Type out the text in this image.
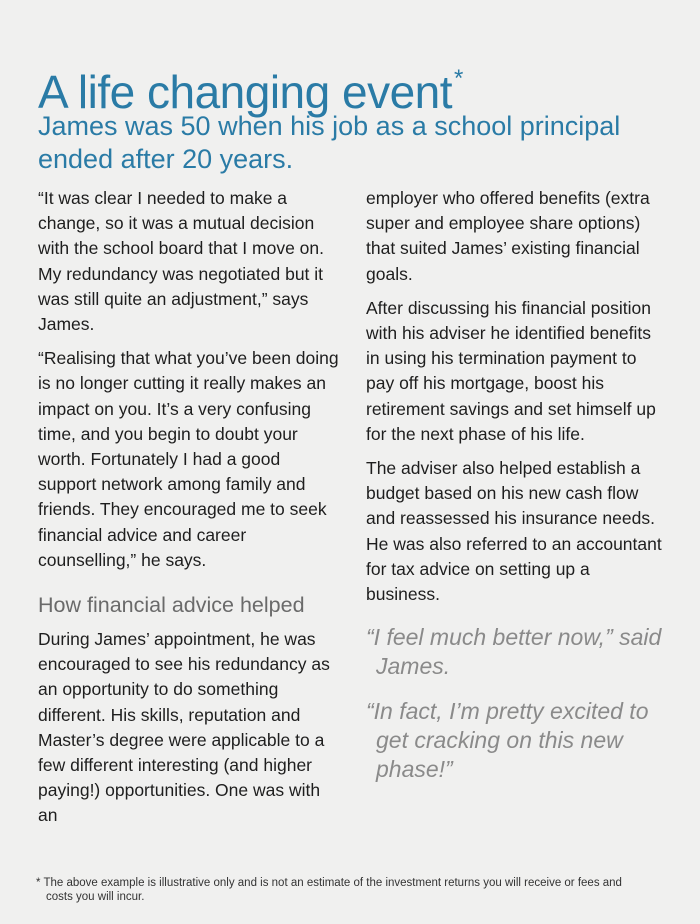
A life changing event*
James was 50 when his job as a school principal ended after 20 years.

“It was clear I needed to make a change, so it was a mutual decision with the school board that I move on. My redundancy was negotiated but it was still quite an adjustment,” says James.

“Realising that what you’ve been doing is no longer cutting it really makes an impact on you. It’s a very confusing time, and you begin to doubt your worth. Fortunately I had a good support network among family and friends. They encouraged me to seek financial advice and career counselling,” he says.

How financial advice helped

During James’ appointment, he was encouraged to see his redundancy as an opportunity to do something different. His skills, reputation and Master’s degree were applicable to a few different interesting (and higher paying!) opportunities. One was with an

employer who offered benefits (extra super and employee share options) that suited James’ existing financial goals.

After discussing his financial position with his adviser he identified benefits in using his termination payment to pay off his mortgage, boost his retirement savings and set himself up for the next phase of his life.

The adviser also helped establish a budget based on his new cash flow and reassessed his insurance needs. He was also referred to an accountant for tax advice on setting up a business.

“I feel much better now,” said James.
“In fact, I’m pretty excited to get cracking on this new phase!”
* The above example is illustrative only and is not an estimate of the investment returns you will receive or fees and costs you will incur.
